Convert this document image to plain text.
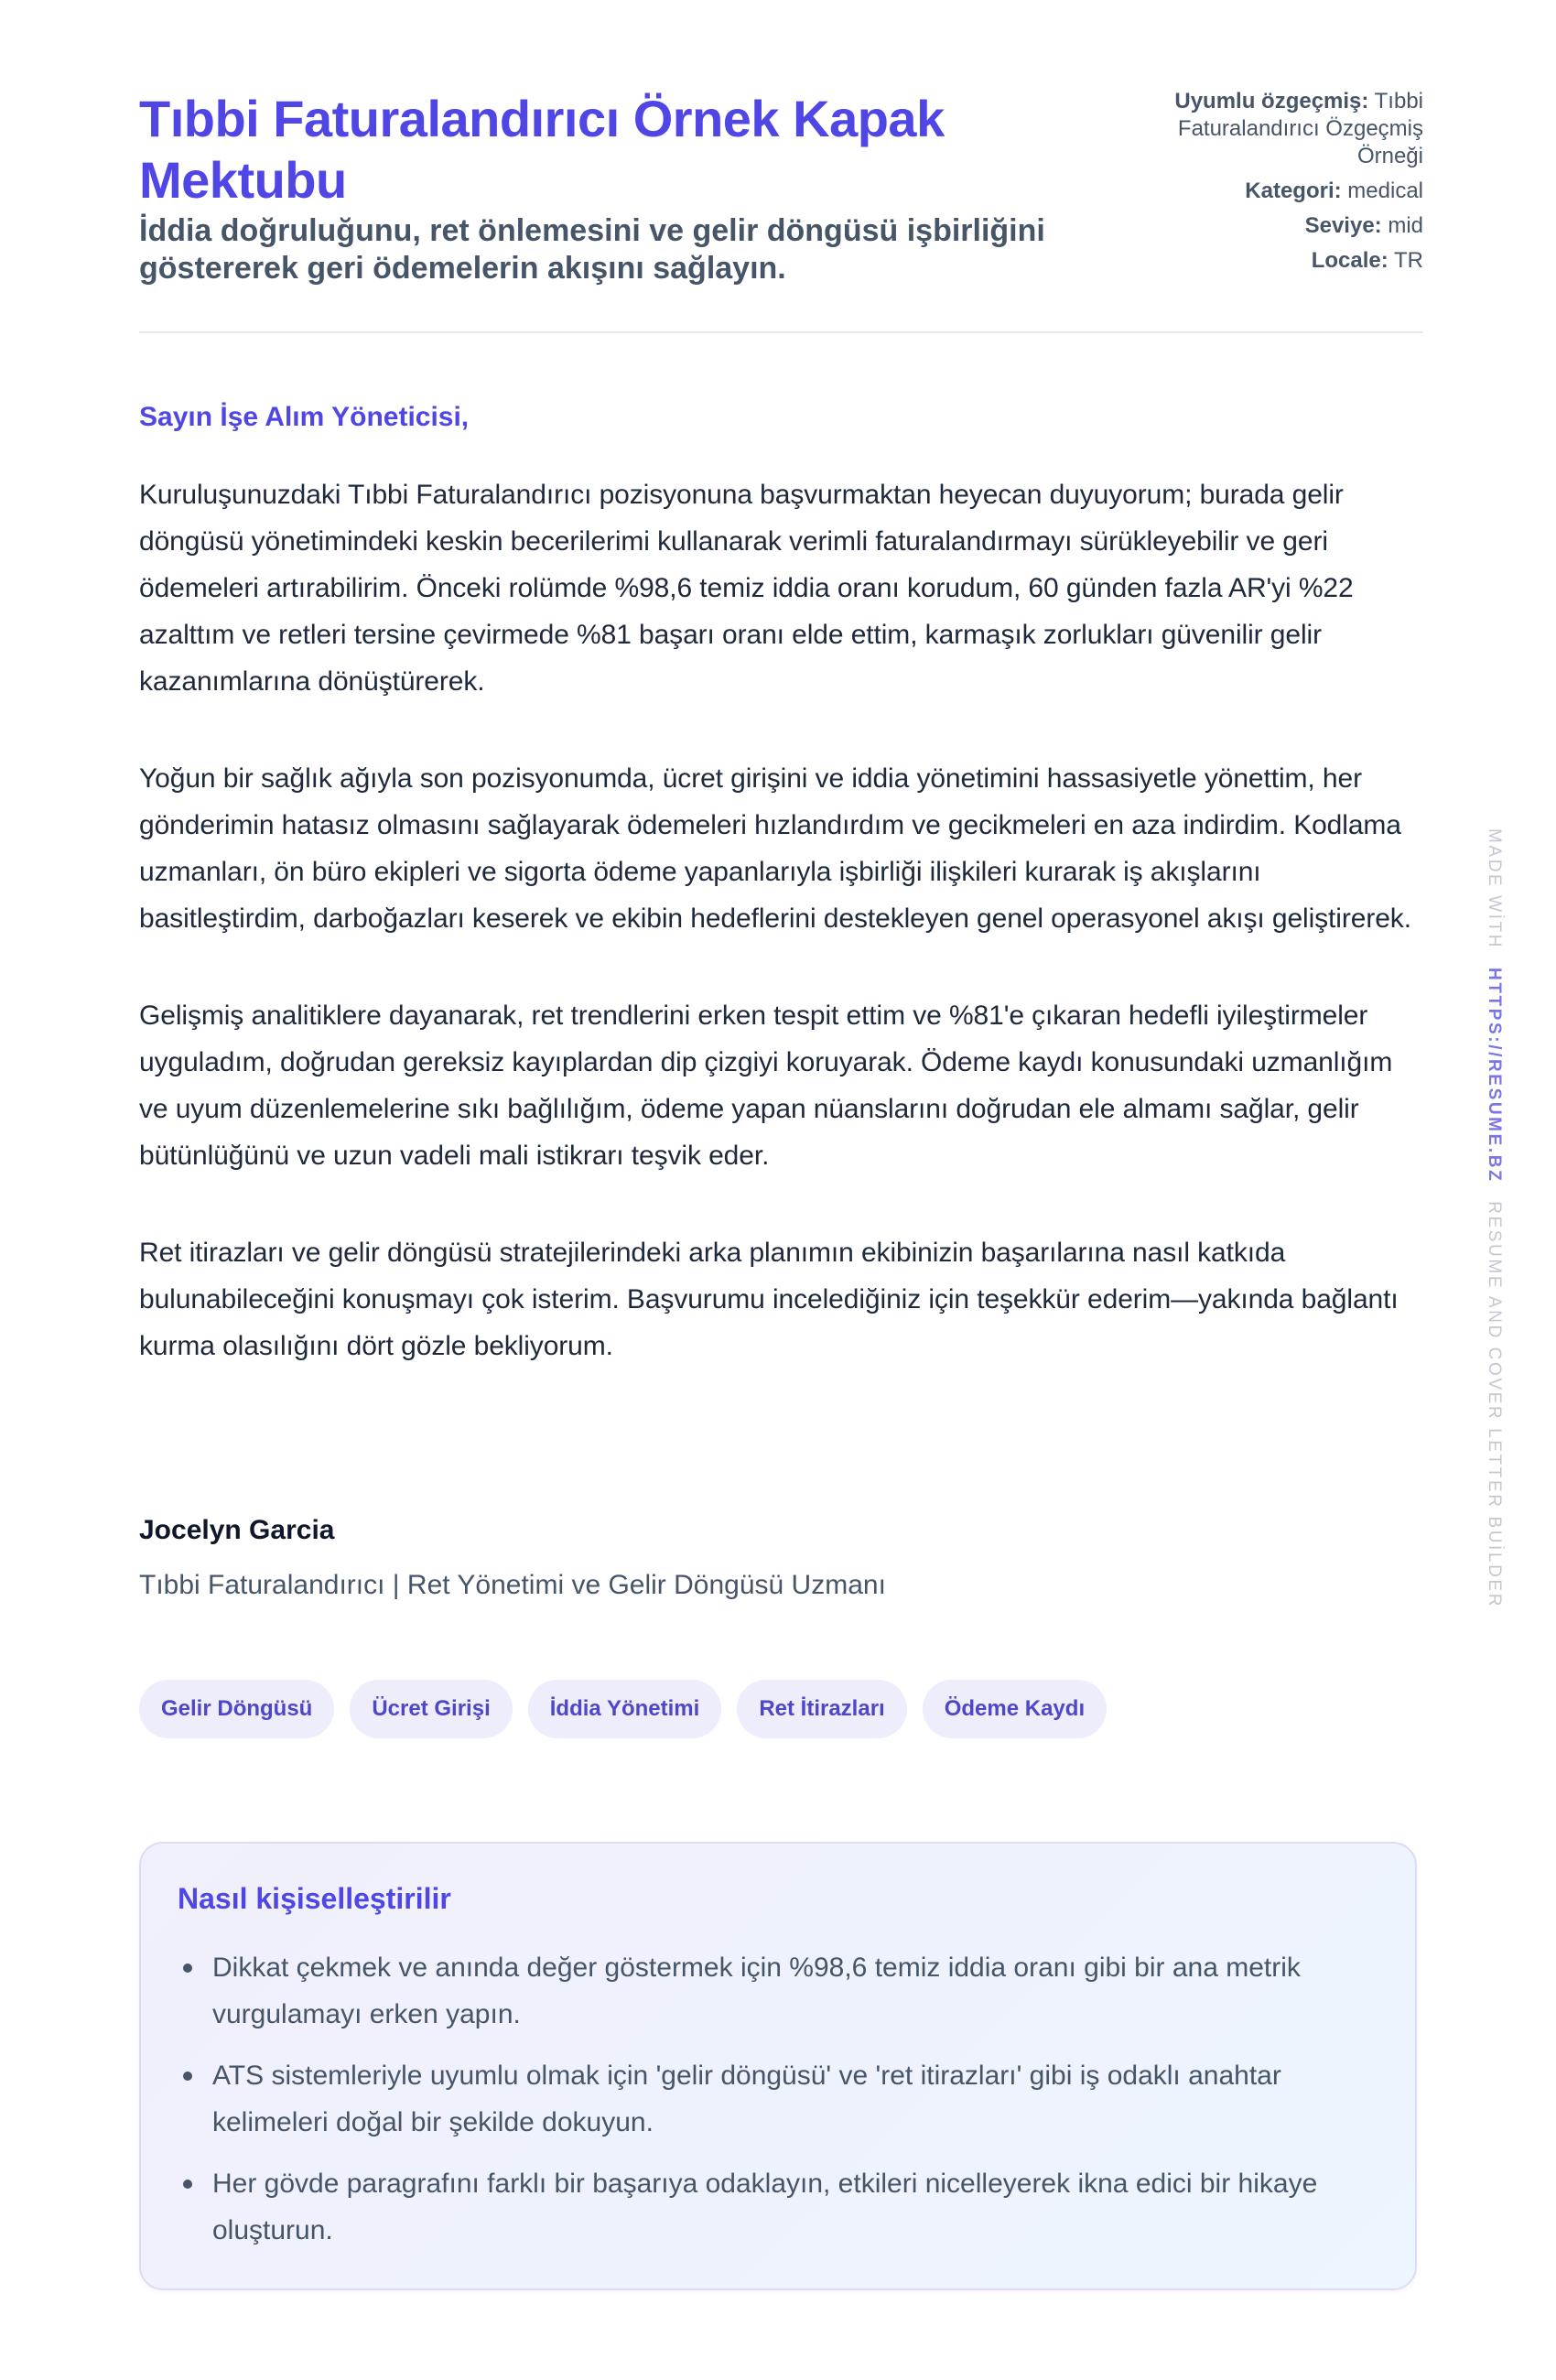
Tıbbi Faturalandırıcı Örnek Kapak Mektubu

İddia doğruluğunu, ret önlemesini ve gelir döngüsü işbirliğini göstererek geri ödemelerin akışını sağlayın.

Uyumlu özgeçmiş: Tıbbi Faturalandırıcı Özgeçmiş Örneği
Kategori: medical
Seviye: mid
Locale: TR

Sayın İşe Alım Yöneticisi,

Kuruluşunuzdaki Tıbbi Faturalandırıcı pozisyonuna başvurmaktan heyecan duyuyorum; burada gelir döngüsü yönetimindeki keskin becerilerimi kullanarak verimli faturalandırmayı sürükleyebilir ve geri ödemeleri artırabilirim. Önceki rolümde %98,6 temiz iddia oranı korudum, 60 günden fazla AR'yi %22 azalttım ve retleri tersine çevirmede %81 başarı oranı elde ettim, karmaşık zorlukları güvenilir gelir kazanımlarına dönüştürerek.

Yoğun bir sağlık ağıyla son pozisyonumda, ücret girişini ve iddia yönetimini hassasiyetle yönettim, her gönderimin hatasız olmasını sağlayarak ödemeleri hızlandırdım ve gecikmeleri en aza indirdim. Kodlama uzmanları, ön büro ekipleri ve sigorta ödeme yapanlarıyla işbirliği ilişkileri kurarak iş akışlarını basitleştirdim, darboğazları keserek ve ekibin hedeflerini destekleyen genel operasyonel akışı geliştirerek.

Gelişmiş analitiklere dayanarak, ret trendlerini erken tespit ettim ve %81'e çıkaran hedefli iyileştirmeler uyguladım, doğrudan gereksiz kayıplardan dip çizgiyi koruyarak. Ödeme kaydı konusundaki uzmanlığım ve uyum düzenlemelerine sıkı bağlılığım, ödeme yapan nüanslarını doğrudan ele almamı sağlar, gelir bütünlüğünü ve uzun vadeli mali istikrarı teşvik eder.

Ret itirazları ve gelir döngüsü stratejilerindeki arka planımın ekibinizin başarılarına nasıl katkıda bulunabileceğini konuşmayı çok isterim. Başvurumu incelediğiniz için teşekkür ederim—yakında bağlantı kurma olasılığını dört gözle bekliyorum.

Jocelyn Garcia

Tıbbi Faturalandırıcı | Ret Yönetimi ve Gelir Döngüsü Uzmanı

Gelir Döngüsü	Ücret Girişi	İddia Yönetimi	Ret İtirazları	Ödeme Kaydı
Nasıl kişiselleştirilir
Dikkat çekmek ve anında değer göstermek için %98,6 temiz iddia oranı gibi bir ana metrik vurgulamayı erken yapın.
ATS sistemleriyle uyumlu olmak için 'gelir döngüsü' ve 'ret itirazları' gibi iş odaklı anahtar kelimeleri doğal bir şekilde dokuyun.
Her gövde paragrafını farklı bir başarıya odaklayın, etkileri nicelleyerek ikna edici bir hikaye oluşturun.
MADE WİTH HTTPS://RESUME.BZ RESUME AND COVER LETTER BUİLDER
